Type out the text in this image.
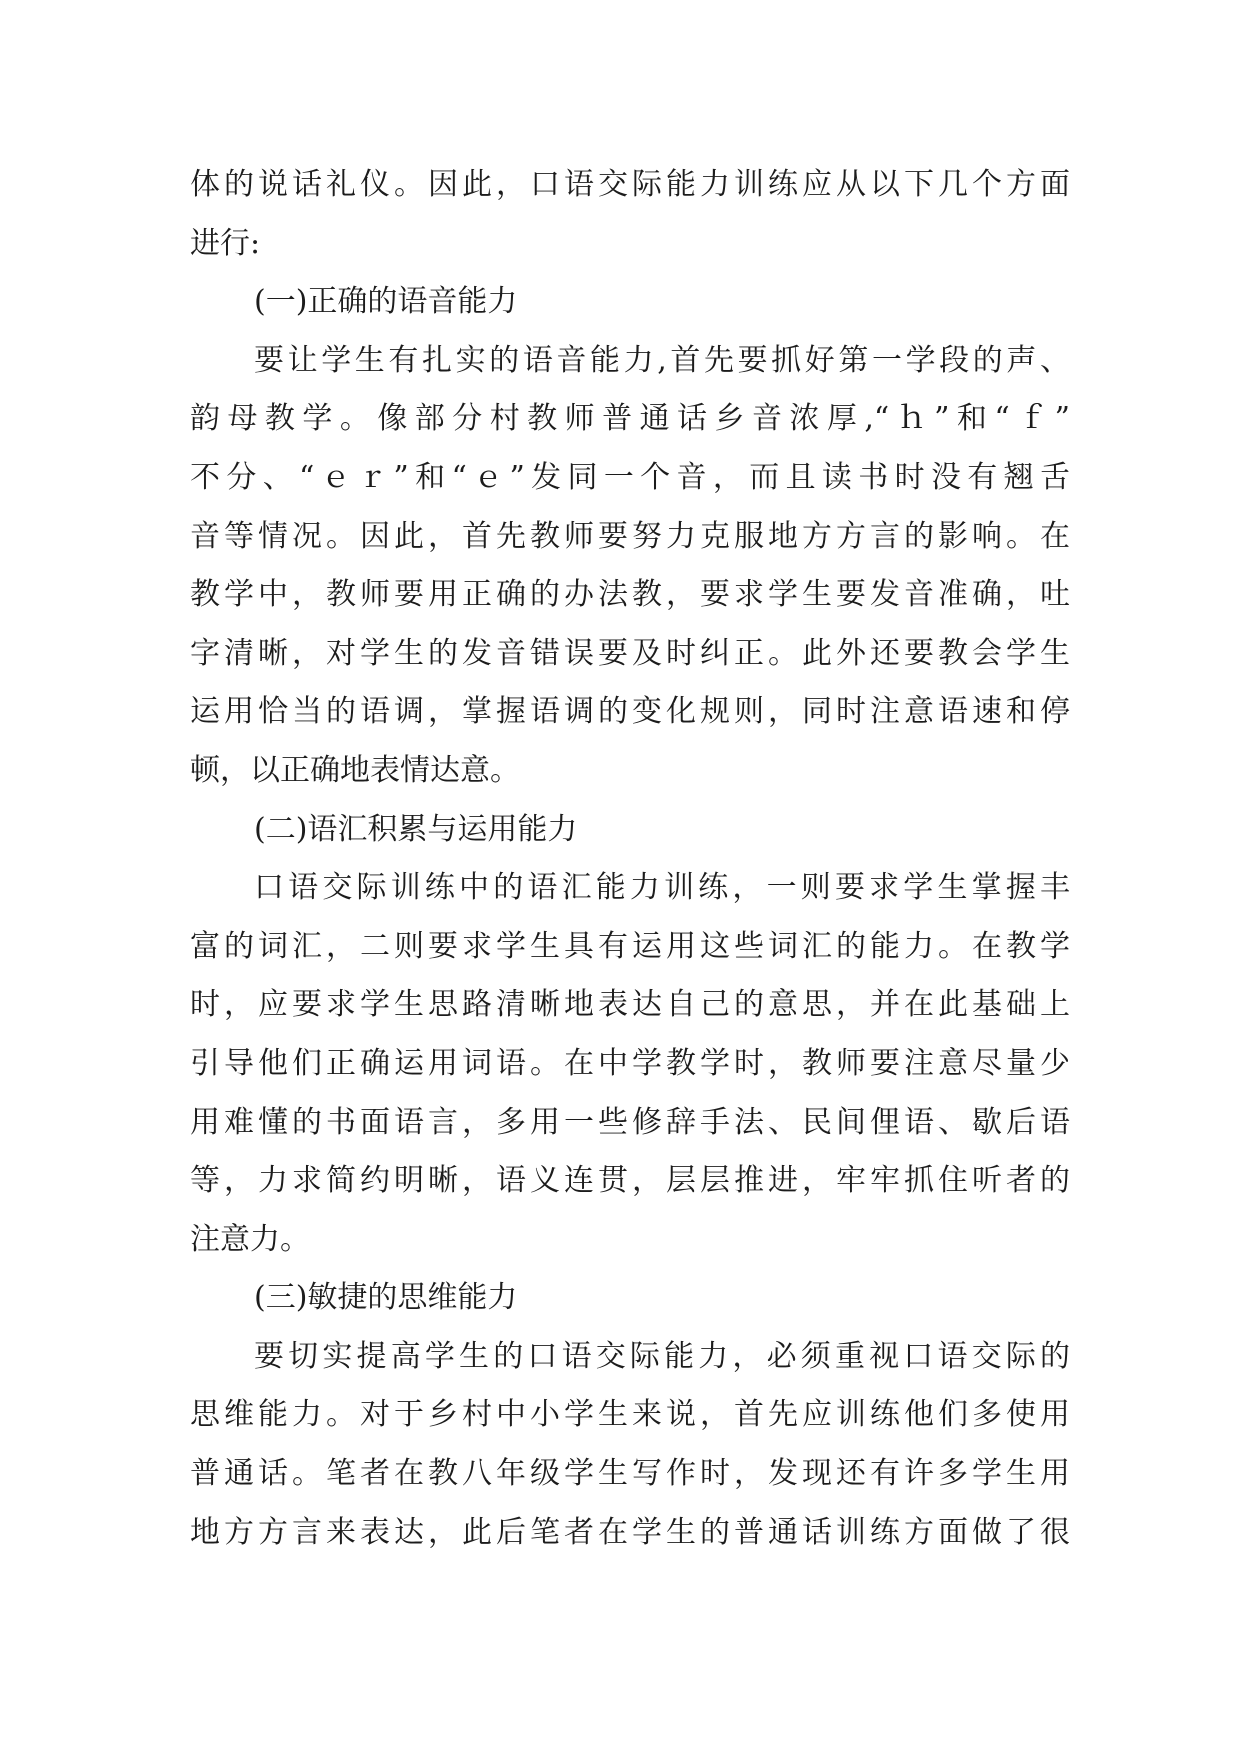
体的说话礼仪。因此，口语交际能力训练应从以下几个方面
进行:
(一)正确的语音能力
要让学生有扎实的语音能力,首先要抓好第一学段的声、
韵母教学。像部分村教师普通话乡音浓厚,“ｈ”和“ｆ”
不分、“ｅｒ”和“ｅ”发同一个音，而且读书时没有翘舌
音等情况。因此，首先教师要努力克服地方方言的影响。在
教学中，教师要用正确的办法教，要求学生要发音准确，吐
字清晰，对学生的发音错误要及时纠正。此外还要教会学生
运用恰当的语调，掌握语调的变化规则，同时注意语速和停
顿，以正确地表情达意。
(二)语汇积累与运用能力
口语交际训练中的语汇能力训练，一则要求学生掌握丰
富的词汇，二则要求学生具有运用这些词汇的能力。在教学
时，应要求学生思路清晰地表达自己的意思，并在此基础上
引导他们正确运用词语。在中学教学时，教师要注意尽量少
用难懂的书面语言，多用一些修辞手法、民间俚语、歇后语
等，力求简约明晰，语义连贯，层层推进，牢牢抓住听者的
注意力。
(三)敏捷的思维能力
要切实提高学生的口语交际能力，必须重视口语交际的
思维能力。对于乡村中小学生来说，首先应训练他们多使用
普通话。笔者在教八年级学生写作时，发现还有许多学生用
地方方言来表达，此后笔者在学生的普通话训练方面做了很
